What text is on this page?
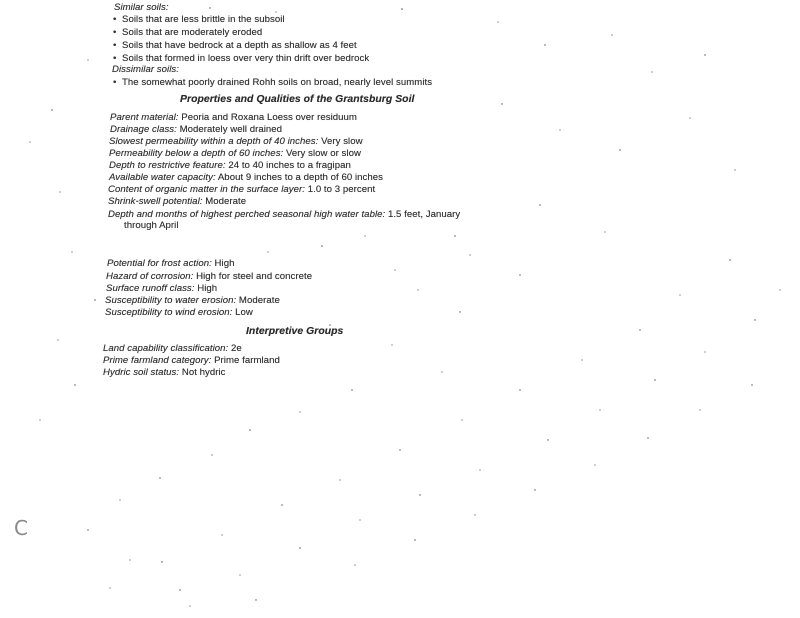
Similar soils:
• Soils that are less brittle in the subsoil
• Soils that are moderately eroded
• Soils that have bedrock at a depth as shallow as 4 feet
• Soils that formed in loess over very thin drift over bedrock
Dissimilar soils:
• The somewhat poorly drained Rohh soils on broad, nearly level summits
Properties and Qualities of the Grantsburg Soil
Parent material: Peoria and Roxana Loess over residuum
Drainage class: Moderately well drained
Slowest permeability within a depth of 40 inches: Very slow
Permeability below a depth of 60 inches: Very slow or slow
Depth to restrictive feature: 24 to 40 inches to a fragipan
Available water capacity: About 9 inches to a depth of 60 inches
Content of organic matter in the surface layer: 1.0 to 3 percent
Shrink-swell potential: Moderate
Depth and months of highest perched seasonal high water table: 1.5 feet, January
through April
Potential for frost action: High
Hazard of corrosion: High for steel and concrete
Surface runoff class: High
Susceptibility to water erosion: Moderate
Susceptibility to wind erosion: Low
Interpretive Groups
Land capability classification: 2e
Prime farmland category: Prime farmland
Hydric soil status: Not hydric
C
